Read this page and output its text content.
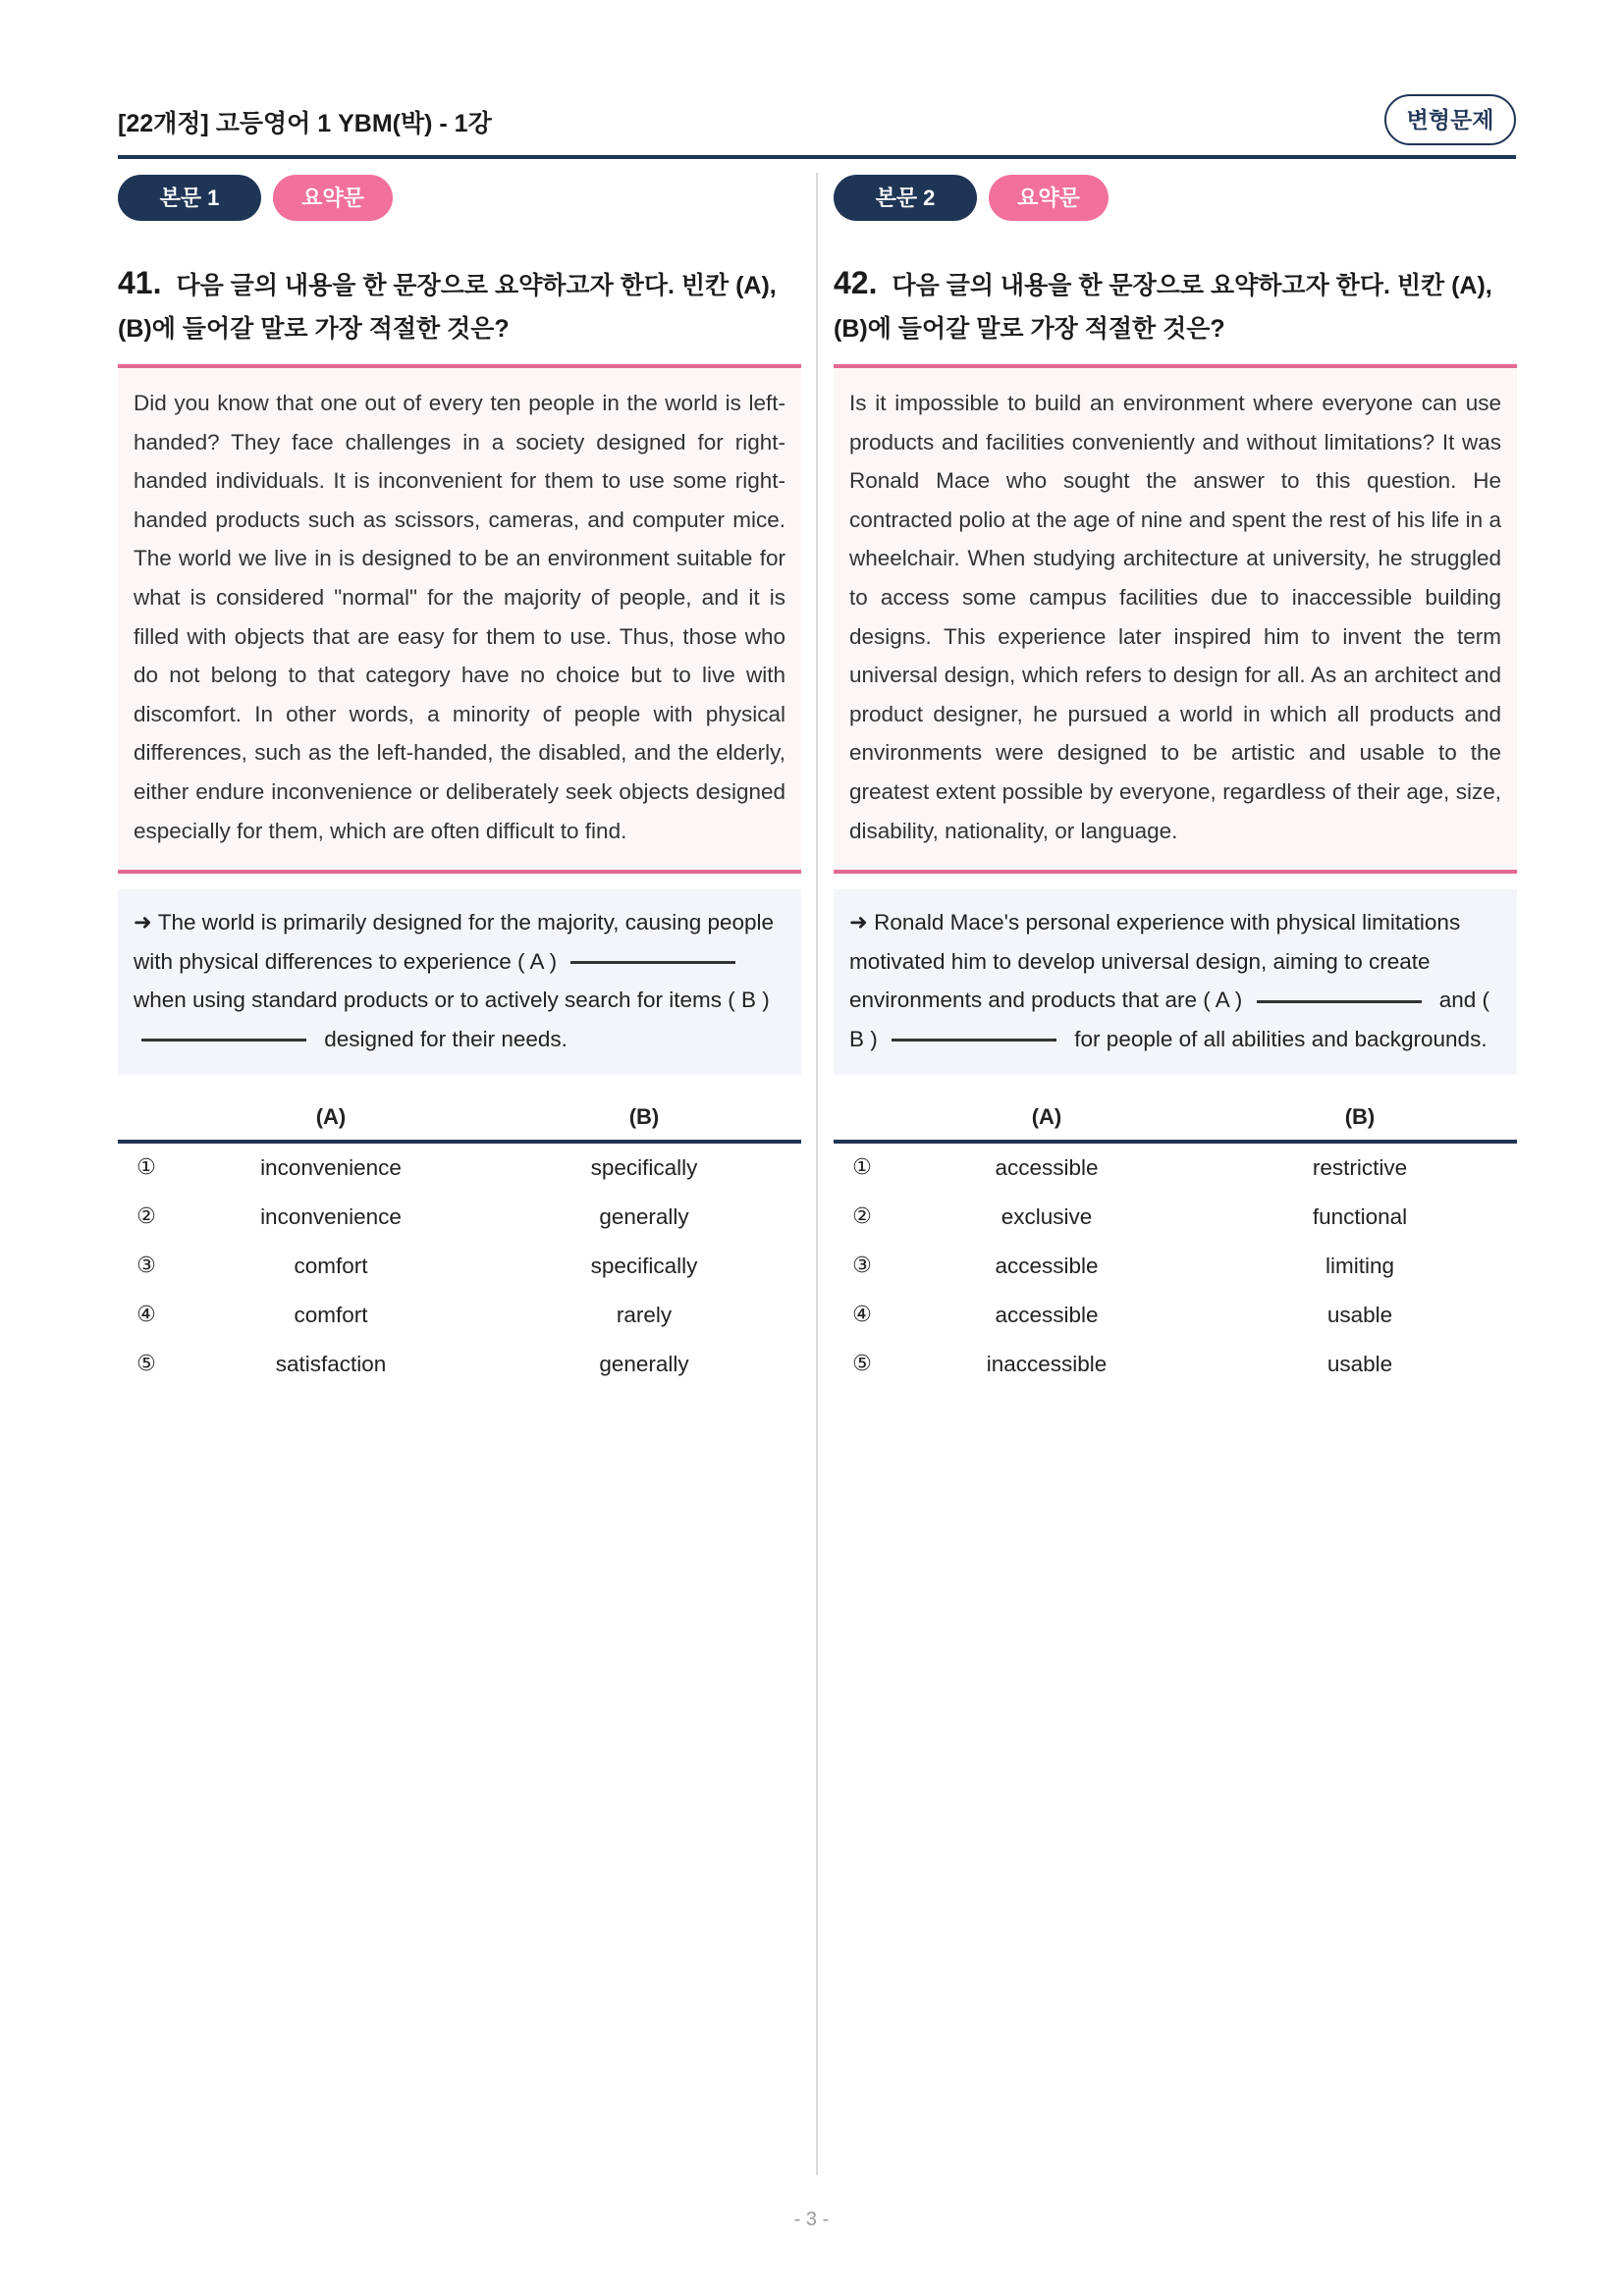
[22개정] 고등영어 1 YBM(박) - 1강	변형문제
본문 1	요약문
41. 다음 글의 내용을 한 문장으로 요약하고자 한다. 빈칸 (A), (B)에 들어갈 말로 가장 적절한 것은?
Did you know that one out of every ten people in the world is left-handed? They face challenges in a society designed for right-handed individuals. It is inconvenient for them to use some right-handed products such as scissors, cameras, and computer mice. The world we live in is designed to be an environment suitable for what is considered "normal" for the majority of people, and it is filled with objects that are easy for them to use. Thus, those who do not belong to that category have no choice but to live with discomfort. In other words, a minority of people with physical differences, such as the left-handed, the disabled, and the elderly, either endure inconvenience or deliberately seek objects designed especially for them, which are often difficult to find.
➜ The world is primarily designed for the majority, causing people with physical differences to experience ( A )  when using standard products or to actively search for items ( B )  designed for their needs.
(A)	(B)
①	inconvenience	specifically
②	inconvenience	generally
③	comfort	specifically
④	comfort	rarely
⑤	satisfaction	generally
본문 2	요약문
42. 다음 글의 내용을 한 문장으로 요약하고자 한다. 빈칸 (A), (B)에 들어갈 말로 가장 적절한 것은?
Is it impossible to build an environment where everyone can use products and facilities conveniently and without limitations? It was Ronald Mace who sought the answer to this question. He contracted polio at the age of nine and spent the rest of his life in a wheelchair. When studying architecture at university, he struggled to access some campus facilities due to inaccessible building designs. This experience later inspired him to invent the term universal design, which refers to design for all. As an architect and product designer, he pursued a world in which all products and environments were designed to be artistic and usable to the greatest extent possible by everyone, regardless of their age, size, disability, nationality, or language.
➜ Ronald Mace's personal experience with physical limitations motivated him to develop universal design, aiming to create environments and products that are ( A )	and ( B )	for people of all abilities and backgrounds.
(A)	(B)
①	accessible	restrictive
②	exclusive	functional
③	accessible	limiting
④	accessible	usable
⑤	inaccessible	usable
- 3 -
